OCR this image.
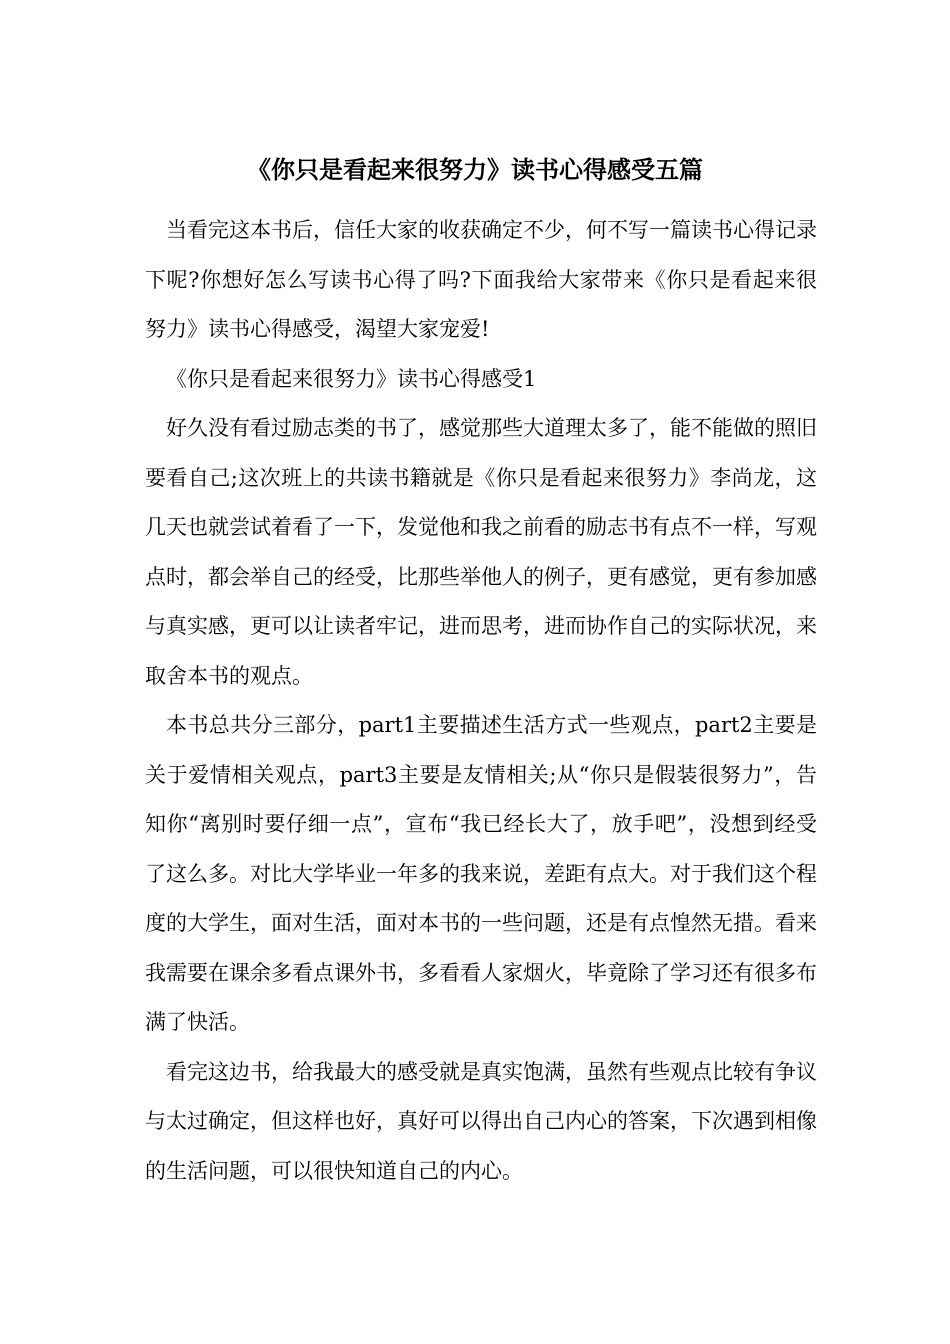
《你只是看起来很努力》读书心得感受五篇

当看完这本书后，信任大家的收获确定不少，何不写一篇读书心得记录下呢?你想好怎么写读书心得了吗?下面我给大家带来《你只是看起来很努力》读书心得感受，渴望大家宠爱!

《你只是看起来很努力》读书心得感受1

好久没有看过励志类的书了，感觉那些大道理太多了，能不能做的照旧要看自己;这次班上的共读书籍就是《你只是看起来很努力》李尚龙，这几天也就尝试着看了一下，发觉他和我之前看的励志书有点不一样，写观点时，都会举自己的经受，比那些举他人的例子，更有感觉，更有参加感与真实感，更可以让读者牢记，进而思考，进而协作自己的实际状况，来取舍本书的观点。

本书总共分三部分，part1主要描述生活方式一些观点，part2主要是关于爱情相关观点，part3主要是友情相关;从“你只是假装很努力”，告知你“离别时要仔细一点”，宣布“我已经长大了，放手吧”，没想到经受了这么多。对比大学毕业一年多的我来说，差距有点大。对于我们这个程度的大学生，面对生活，面对本书的一些问题，还是有点惶然无措。看来我需要在课余多看点课外书，多看看人家烟火，毕竟除了学习还有很多布满了快活。

看完这边书，给我最大的感受就是真实饱满，虽然有些观点比较有争议与太过确定，但这样也好，真好可以得出自己内心的答案，下次遇到相像的生活问题，可以很快知道自己的内心。
